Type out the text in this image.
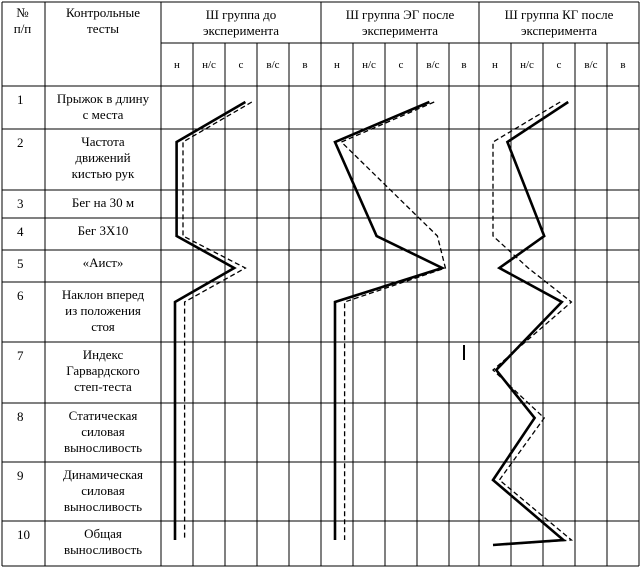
№
п/п
Контрольные
тесты
Ш группа до
эксперимента
Ш группа ЭГ после
эксперимента
Ш группа КГ после
эксперимента
н	н/с	с	в/с	в	н	н/с	с	в/с	в	н	н/с	с	в/с	в
1	Прыжок в длину
с места
2	Частота
движений
кистью рук
3	Бег на 30 м
4	Бег 3Х10
5	«Аист»
6	Наклон вперед
из положения
стоя
7	Индекс
Гарвардского
степ-теста
8	Статическая
силовая
выносливость
9	Динамическая
силовая
выносливость
10	Общая
выносливость
